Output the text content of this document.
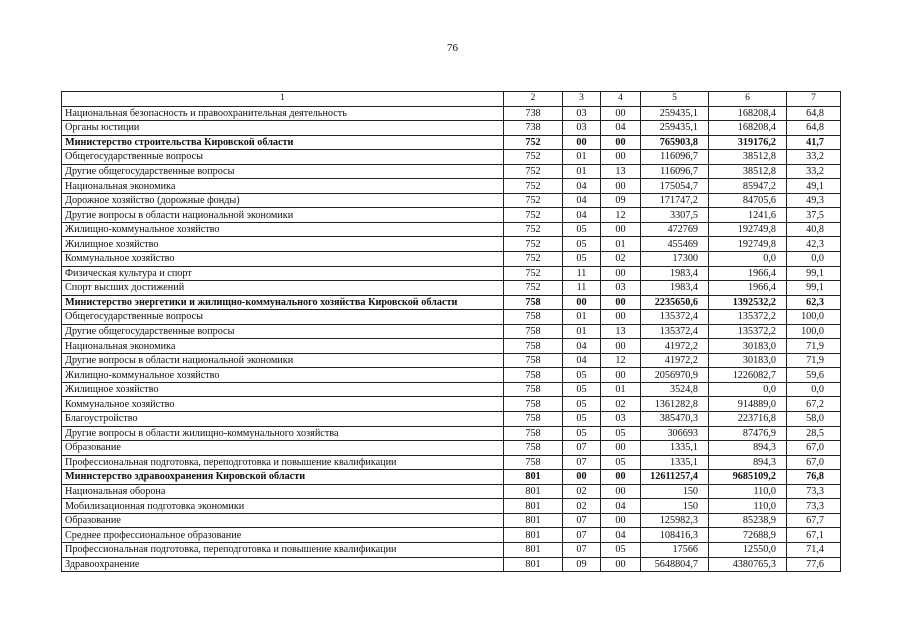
76
1	2	3	4	5	6	7
Национальная безопасность и правоохранительная деятельность	738	03	00	259435,1	168208,4	64,8
Органы юстиции	738	03	04	259435,1	168208,4	64,8
Министерство строительства Кировской области	752	00	00	765903,8	319176,2	41,7
Общегосударственные вопросы	752	01	00	116096,7	38512,8	33,2
Другие общегосударственные вопросы	752	01	13	116096,7	38512,8	33,2
Национальная экономика	752	04	00	175054,7	85947,2	49,1
Дорожное хозяйство (дорожные фонды)	752	04	09	171747,2	84705,6	49,3
Другие вопросы в области национальной экономики	752	04	12	3307,5	1241,6	37,5
Жилищно-коммунальное хозяйство	752	05	00	472769	192749,8	40,8
Жилищное хозяйство	752	05	01	455469	192749,8	42,3
Коммунальное хозяйство	752	05	02	17300	0,0	0,0
Физическая культура и спорт	752	11	00	1983,4	1966,4	99,1
Спорт высших достижений	752	11	03	1983,4	1966,4	99,1
Министерство энергетики и жилищно-коммунального хозяйства Кировской области	758	00	00	2235650,6	1392532,2	62,3
Общегосударственные вопросы	758	01	00	135372,4	135372,2	100,0
Другие общегосударственные вопросы	758	01	13	135372,4	135372,2	100,0
Национальная экономика	758	04	00	41972,2	30183,0	71,9
Другие вопросы в области национальной экономики	758	04	12	41972,2	30183,0	71,9
Жилищно-коммунальное хозяйство	758	05	00	2056970,9	1226082,7	59,6
Жилищное хозяйство	758	05	01	3524,8	0,0	0,0
Коммунальное хозяйство	758	05	02	1361282,8	914889,0	67,2
Благоустройство	758	05	03	385470,3	223716,8	58,0
Другие вопросы в области жилищно-коммунального хозяйства	758	05	05	306693	87476,9	28,5
Образование	758	07	00	1335,1	894,3	67,0
Профессиональная подготовка, переподготовка и повышение квалификации	758	07	05	1335,1	894,3	67,0
Министерство здравоохранения Кировской области	801	00	00	12611257,4	9685109,2	76,8
Национальная оборона	801	02	00	150	110,0	73,3
Мобилизационная подготовка экономики	801	02	04	150	110,0	73,3
Образование	801	07	00	125982,3	85238,9	67,7
Среднее профессиональное образование	801	07	04	108416,3	72688,9	67,1
Профессиональная подготовка, переподготовка и повышение квалификации	801	07	05	17566	12550,0	71,4
Здравоохранение	801	09	00	5648804,7	4380765,3	77,6
